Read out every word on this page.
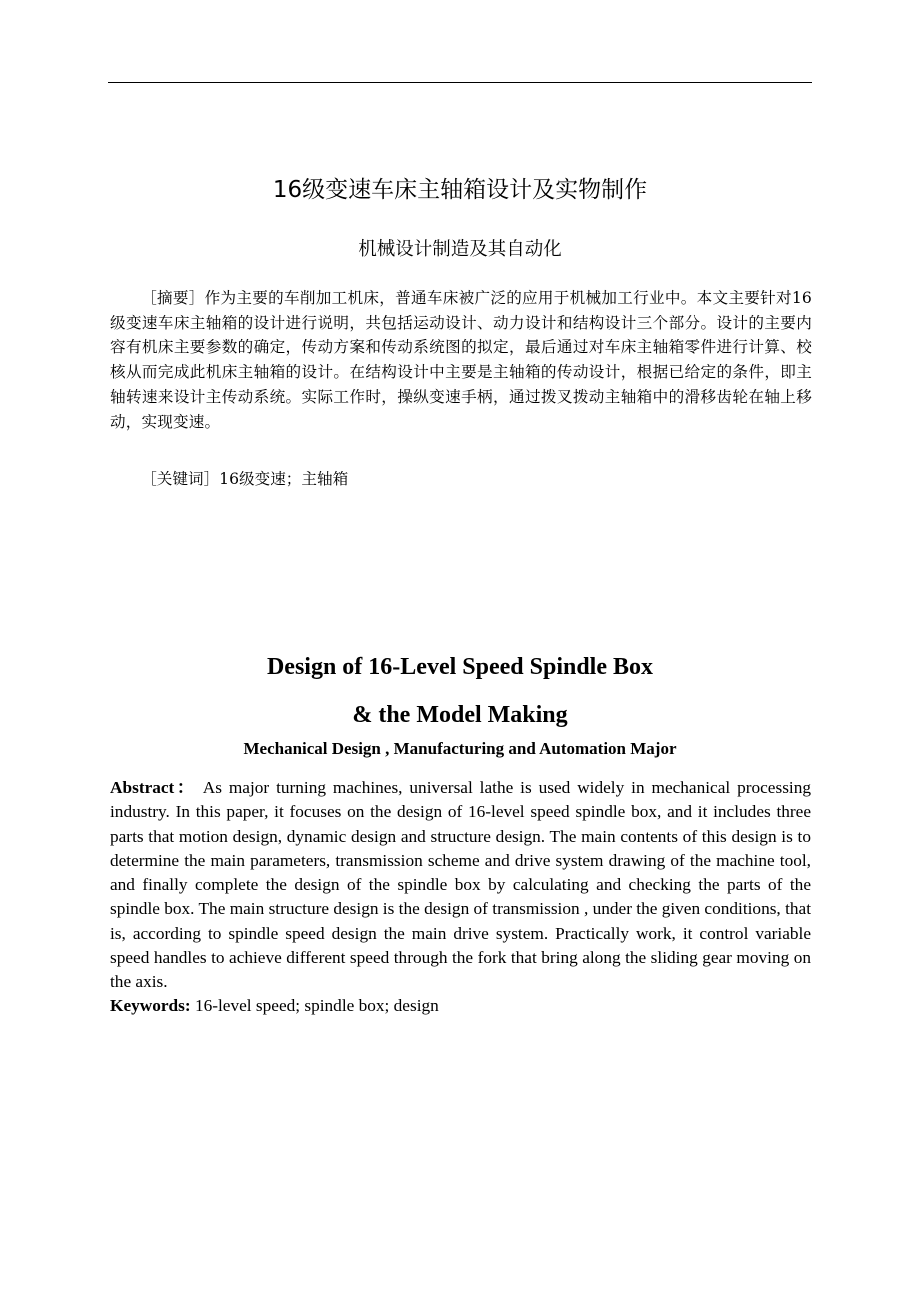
16级变速车床主轴箱设计及实物制作
机械设计制造及其自动化

［摘要］作为主要的车削加工机床，普通车床被广泛的应用于机械加工行业中。本文主要针对16级变速车床主轴箱的设计进行说明，共包括运动设计、动力设计和结构设计三个部分。设计的主要内容有机床主要参数的确定，传动方案和传动系统图的拟定，最后通过对车床主轴箱零件进行计算、校核从而完成此机床主轴箱的设计。在结构设计中主要是主轴箱的传动设计，根据已给定的条件，即主轴转速来设计主传动系统。实际工作时，操纵变速手柄，通过拨叉拨动主轴箱中的滑移齿轮在轴上移动，实现变速。

［关键词］16级变速；主轴箱

Design of 16-Level Speed Spindle Box
& the Model Making
Mechanical Design , Manufacturing and Automation Major

Abstract： As major turning machines, universal lathe is used widely in mechanical processing industry. In this paper, it focuses on the design of 16-level speed spindle box, and it includes three parts that motion design, dynamic design and structure design. The main contents of this design is to determine the main parameters, transmission scheme and drive system drawing of the machine tool, and finally complete the design of the spindle box by calculating and checking the parts of the spindle box. The main structure design is the design of transmission , under the given conditions, that is, according to spindle speed design the main drive system. Practically work, it control variable speed handles to achieve different speed through the fork that bring along the sliding gear moving on the axis.

Keywords: 16-level speed; spindle box; design
